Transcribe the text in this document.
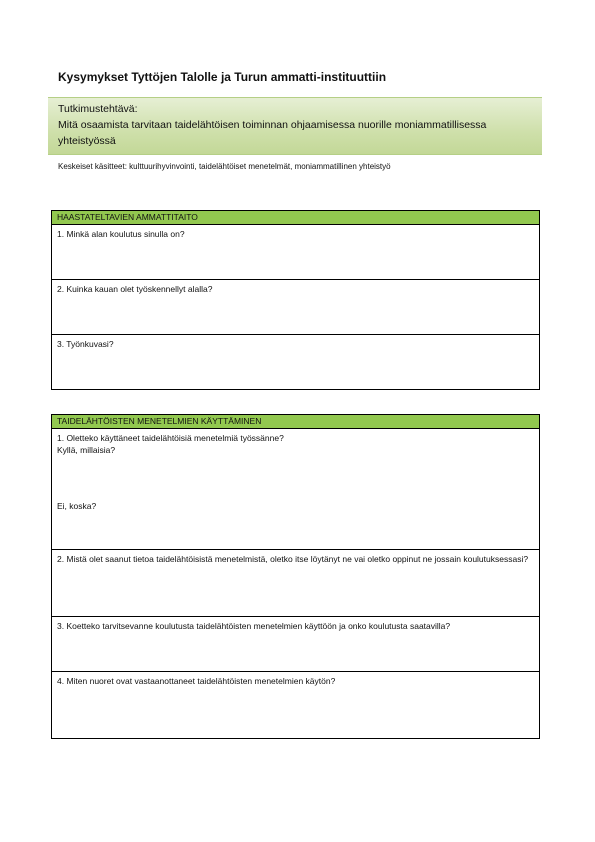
Kysymykset Tyttöjen Talolle ja Turun ammatti-instituuttiin
Tutkimustehtävä:
Mitä osaamista tarvitaan taidelähtöisen toiminnan ohjaamisessa nuorille moniammatillisessa yhteistyössä
Keskeiset käsitteet: kulttuurihyvinvointi, taidelähtöiset menetelmät, moniammatillinen yhteistyö
HAASTATELTAVIEN AMMATTITAITO
1. Minkä alan koulutus sinulla on?
2. Kuinka kauan olet työskennellyt alalla?
3. Työnkuvasi?
TAIDELÄHTÖISTEN MENETELMIEN KÄYTTÄMINEN

1. Oletteko käyttäneet taidelähtöisiä menetelmiä työssänne?
Kyllä, millaisia?
Ei, koska?

2. Mistä olet saanut tietoa taidelähtöisistä menetelmistä, oletko itse löytänyt ne vai oletko oppinut ne jossain koulutuksessasi?
3. Koetteko tarvitsevanne koulutusta taidelähtöisten menetelmien käyttöön ja onko koulutusta saatavilla?
4. Miten nuoret ovat vastaanottaneet taidelähtöisten menetelmien käytön?
